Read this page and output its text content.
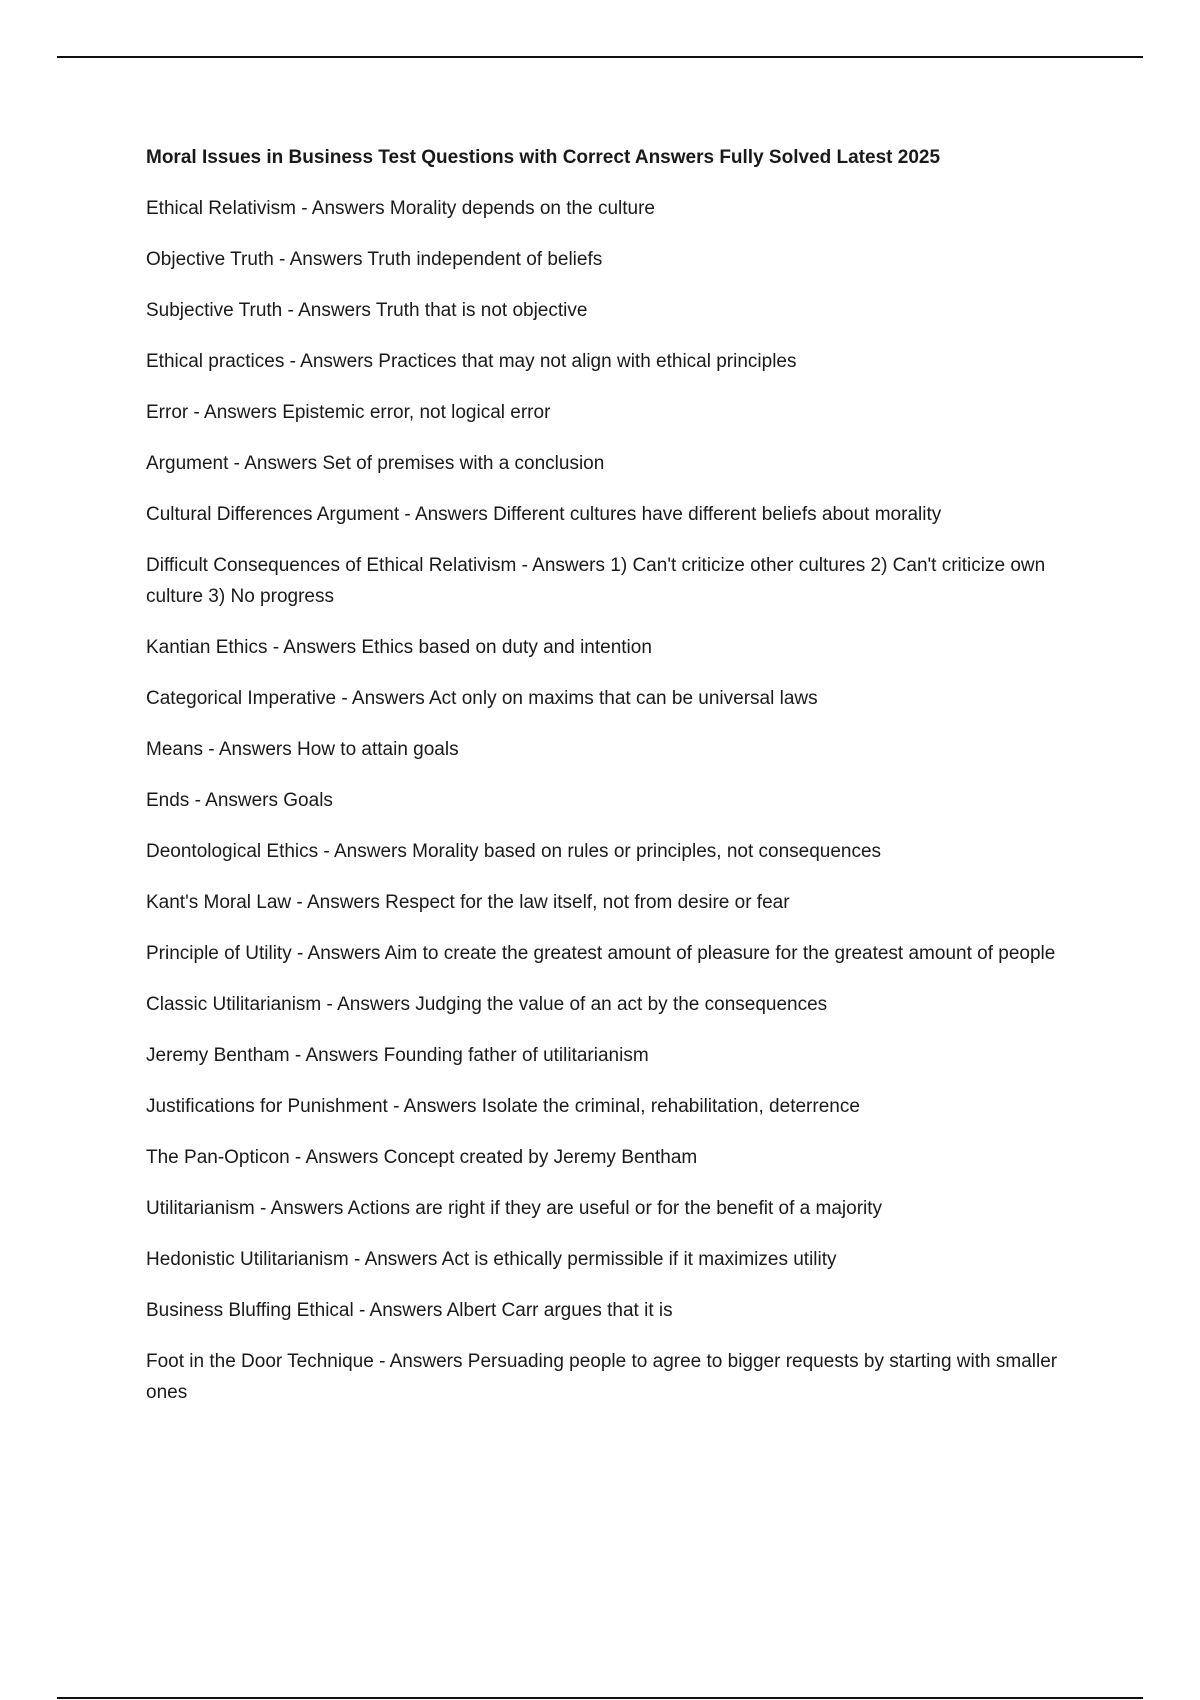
Moral Issues in Business Test Questions with Correct Answers Fully Solved Latest 2025
Ethical Relativism - Answers Morality depends on the culture
Objective Truth - Answers Truth independent of beliefs
Subjective Truth - Answers Truth that is not objective
Ethical practices - Answers Practices that may not align with ethical principles
Error - Answers Epistemic error, not logical error
Argument - Answers Set of premises with a conclusion
Cultural Differences Argument - Answers Different cultures have different beliefs about morality
Difficult Consequences of Ethical Relativism - Answers 1) Can't criticize other cultures 2) Can't criticize own culture 3) No progress
Kantian Ethics - Answers Ethics based on duty and intention
Categorical Imperative - Answers Act only on maxims that can be universal laws
Means - Answers How to attain goals
Ends - Answers Goals
Deontological Ethics - Answers Morality based on rules or principles, not consequences
Kant's Moral Law - Answers Respect for the law itself, not from desire or fear
Principle of Utility - Answers Aim to create the greatest amount of pleasure for the greatest amount of people
Classic Utilitarianism - Answers Judging the value of an act by the consequences
Jeremy Bentham - Answers Founding father of utilitarianism
Justifications for Punishment - Answers Isolate the criminal, rehabilitation, deterrence
The Pan-Opticon - Answers Concept created by Jeremy Bentham
Utilitarianism - Answers Actions are right if they are useful or for the benefit of a majority
Hedonistic Utilitarianism - Answers Act is ethically permissible if it maximizes utility
Business Bluffing Ethical - Answers Albert Carr argues that it is
Foot in the Door Technique - Answers Persuading people to agree to bigger requests by starting with smaller ones
